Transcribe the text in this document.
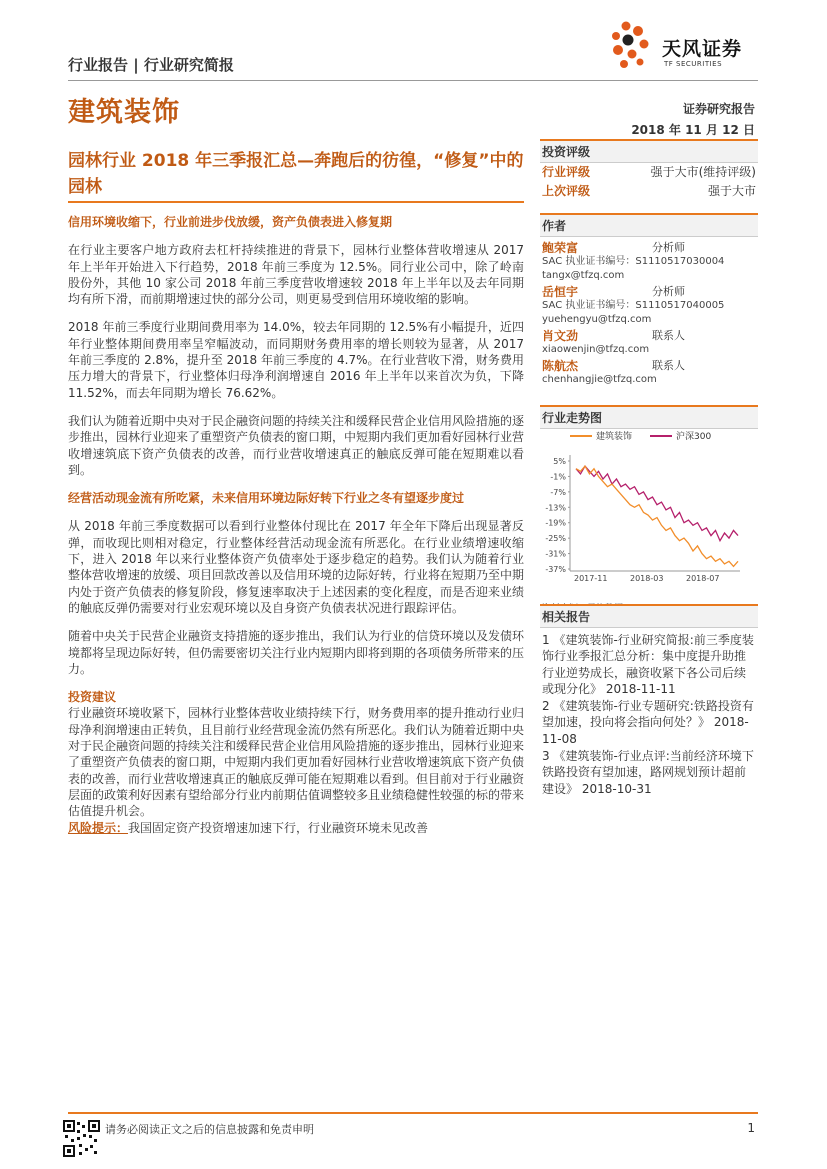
行业报告 | 行业研究简报
天风证券
TF SECURITIES
建筑装饰	证券研究报告
2018 年 11 月 12 日
园林行业 2018 年三季报汇总—奔跑后的彷徨，“修复”中的园林
信用环境收缩下，行业前进步伐放缓，资产负债表进入修复期
在行业主要客户地方政府去杠杆持续推进的背景下，园林行业整体营收增速从 2017 年上半年开始进入下行趋势，2018 年前三季度为 12.5%。同行业公司中，除了岭南股份外，其他 10 家公司 2018 年前三季度营收增速较 2018 年上半年以及去年同期均有所下滑，而前期增速过快的部分公司，则更易受到信用环境收缩的影响。
2018 年前三季度行业期间费用率为 14.0%，较去年同期的 12.5%有小幅提升，近四年行业整体期间费用率呈窄幅波动，而同期财务费用率的增长则较为显著，从 2017 年前三季度的 2.8%，提升至 2018 年前三季度的 4.7%。在行业营收下滑，财务费用压力增大的背景下，行业整体归母净利润增速自 2016 年上半年以来首次为负，下降 11.52%，而去年同期为增长 76.62%。
我们认为随着近期中央对于民企融资问题的持续关注和缓释民营企业信用风险措施的逐步推出，园林行业迎来了重塑资产负债表的窗口期，中短期内我们更加看好园林行业营收增速筑底下资产负债表的改善，而行业营收增速真正的触底反弹可能在短期难以看到。
经营活动现金流有所吃紧，未来信用环境边际好转下行业之冬有望逐步度过
从 2018 年前三季度数据可以看到行业整体付现比在 2017 年全年下降后出现显著反弹，而收现比则相对稳定，行业整体经营活动现金流有所恶化。在行业业绩增速收缩下，进入 2018 年以来行业整体资产负债率处于逐步稳定的趋势。我们认为随着行业整体营收增速的放缓、项目回款改善以及信用环境的边际好转，行业将在短期乃至中期内处于资产负债表的修复阶段，修复速率取决于上述因素的变化程度，而是否迎来业绩的触底反弹仍需要对行业宏观环境以及自身资产负债表状况进行跟踪评估。
随着中央关于民营企业融资支持措施的逐步推出，我们认为行业的信贷环境以及发债环境都将呈现边际好转，但仍需要密切关注行业内短期内即将到期的各项债务所带来的压力。
投资建议
行业融资环境收紧下，园林行业整体营收业绩持续下行，财务费用率的提升推动行业归母净利润增速由正转负，且目前行业经营现金流仍然有所恶化。我们认为随着近期中央对于民企融资问题的持续关注和缓释民营企业信用风险措施的逐步推出，园林行业迎来了重塑资产负债表的窗口期，中短期内我们更加看好园林行业营收增速筑底下资产负债表的改善，而行业营收增速真正的触底反弹可能在短期难以看到。但目前对于行业融资层面的政策利好因素有望给部分行业内前期估值调整较多且业绩稳健性较强的标的带来估值提升机会。
风险提示：我国固定资产投资增速加速下行，行业融资环境未见改善
投资评级
行业评级	强于大市(维持评级)
上次评级	强于大市
作者
鲍荣富	分析师
SAC 执业证书编号：S1110517030004
tangx@tfzq.com
岳恒宇	分析师
SAC 执业证书编号：S1110517040005
yuehengyu@tfzq.com
肖文劲	联系人
xiaowenjin@tfzq.com
陈航杰	联系人
chenhangjie@tfzq.com
行业走势图
建筑装饰	沪深300
-37%
-31%
-25%
-19%
-13%
-7%
-1%
5%
2017-11	2018-03	2018-07
相关报告
1 《建筑装饰-行业研究简报:前三季度装饰行业季报汇总分析：集中度提升助推行业逆势成长，融资收紧下各公司后续或现分化》 2018-11-11
2 《建筑装饰-行业专题研究:铁路投资有望加速，投向将会指向何处？》 2018-11-08
3 《建筑装饰-行业点评:当前经济环境下铁路投资有望加速，路网规划预计超前建设》 2018-10-31
请务必阅读正文之后的信息披露和免责申明	1
